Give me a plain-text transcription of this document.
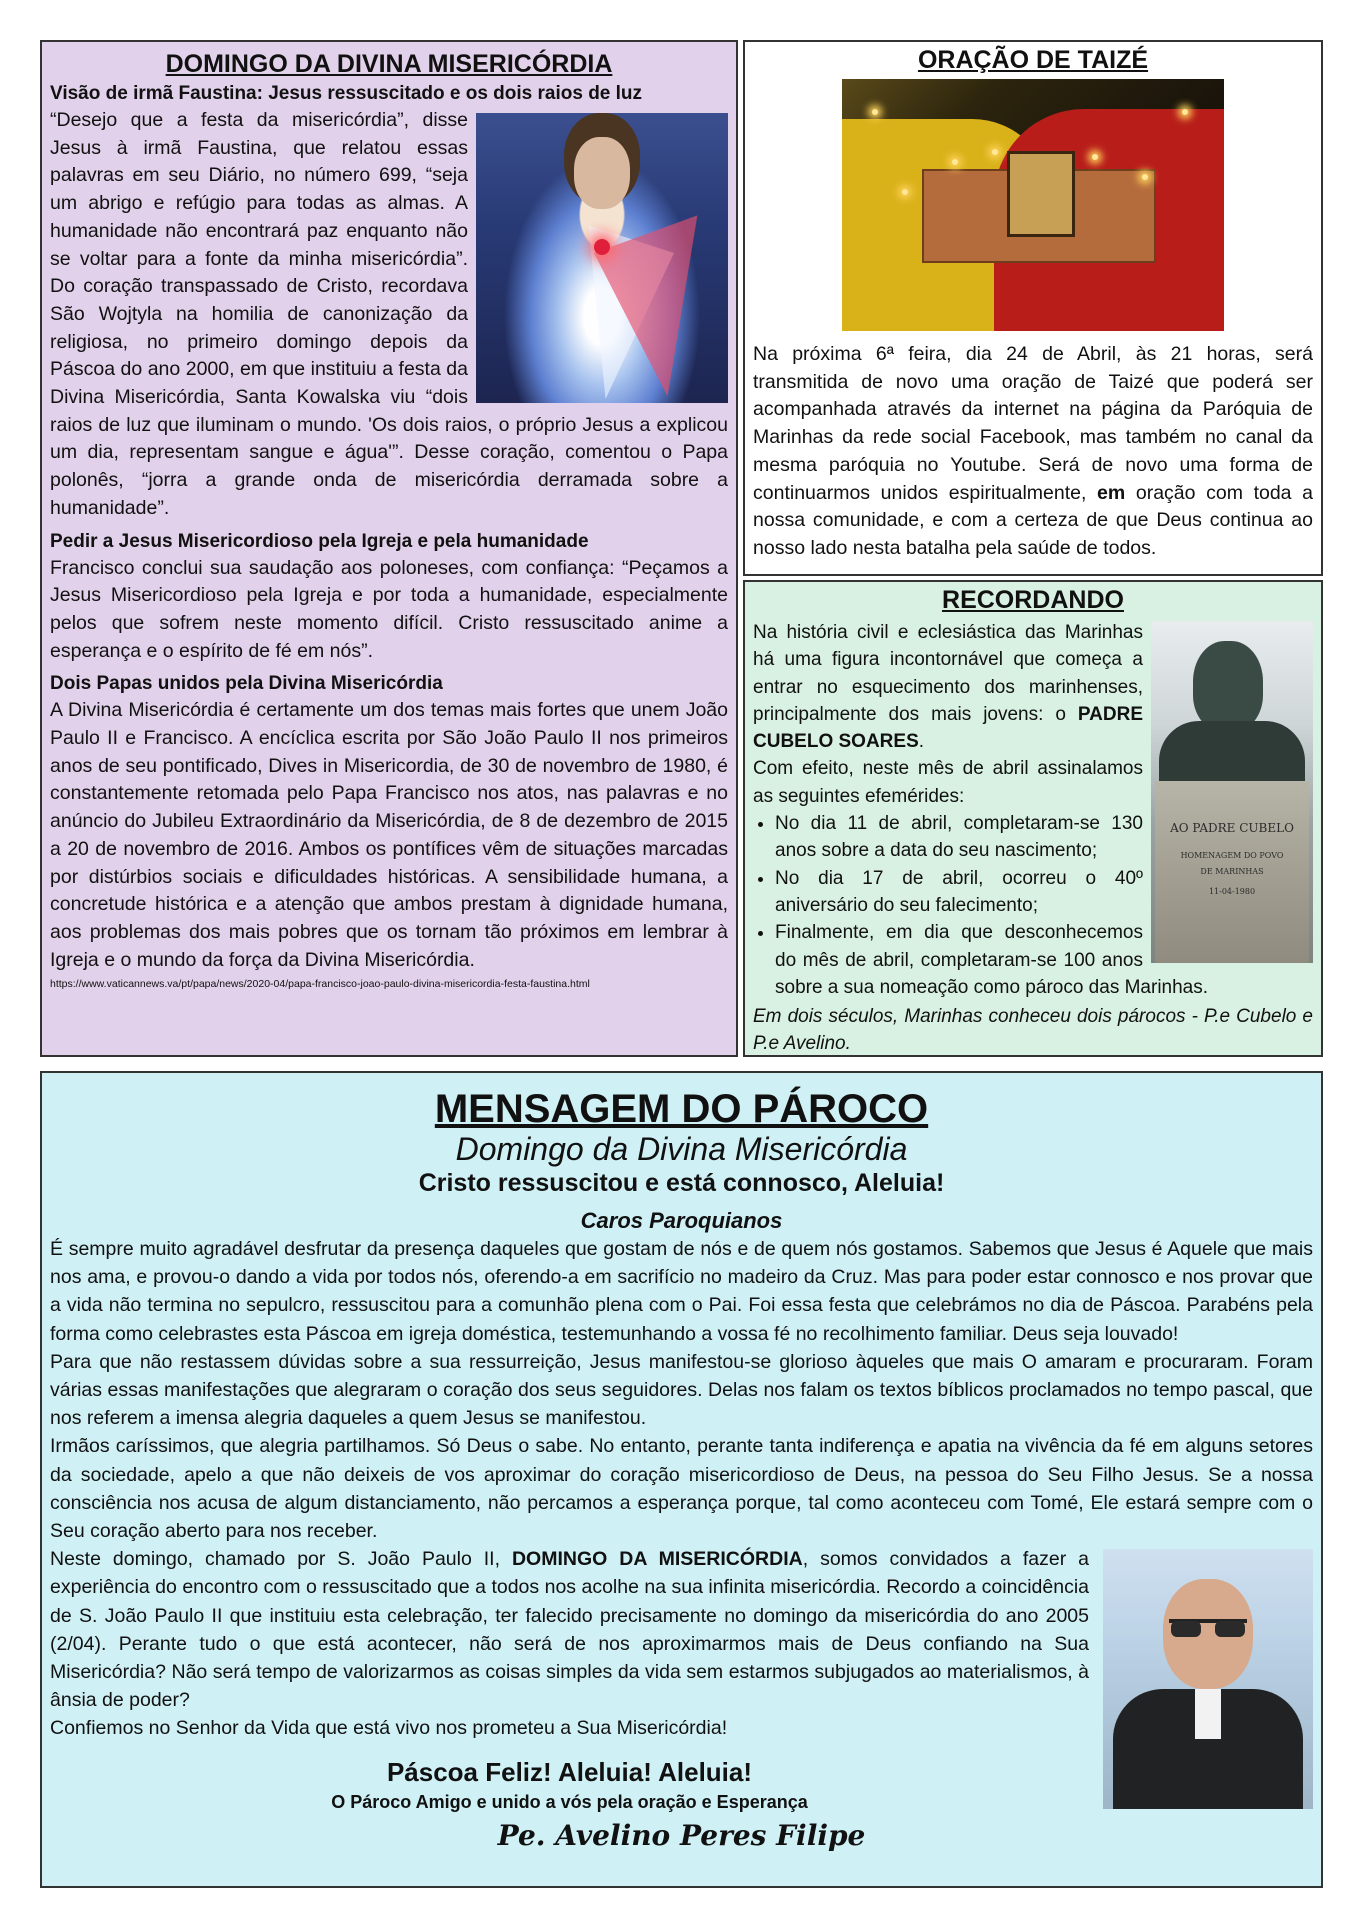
DOMINGO DA DIVINA MISERICÓRDIA
Visão de irmã Faustina: Jesus ressuscitado e os dois raios de luz

“Desejo que a festa da misericórdia”, disse Jesus à irmã Faustina, que relatou essas palavras em seu Diário, no número 699, “seja um abrigo e refúgio para todas as almas. A humanidade não encontrará paz enquanto não se voltar para a fonte da minha misericórdia”. Do coração transpassado de Cristo, recordava São Wojtyla na homilia de canonização da religiosa, no primeiro domingo depois da Páscoa do ano 2000, em que instituiu a festa da Divina Misericórdia, Santa Kowalska viu “dois raios de luz que iluminam o mundo. 'Os dois raios, o próprio Jesus a explicou um dia, representam sangue e água'”. Desse coração, comentou o Papa polonês, “jorra a grande onda de misericórdia derramada sobre a humanidade”.

Pedir a Jesus Misericordioso pela Igreja e pela humanidade

Francisco conclui sua saudação aos poloneses, com confiança: “Peçamos a Jesus Misericordioso pela Igreja e por toda a humanidade, especialmente pelos que sofrem neste momento difícil. Cristo ressuscitado anime a esperança e o espírito de fé em nós”.

Dois Papas unidos pela Divina Misericórdia

A Divina Misericórdia é certamente um dos temas mais fortes que unem João Paulo II e Francisco. A encíclica escrita por São João Paulo II nos primeiros anos de seu pontificado, Dives in Misericordia, de 30 de novembro de 1980, é constantemente retomada pelo Papa Francisco nos atos, nas palavras e no anúncio do Jubileu Extraordinário da Misericórdia, de 8 de dezembro de 2015 a 20 de novembro de 2016. Ambos os pontífices vêm de situações marcadas por distúrbios sociais e dificuldades históricas. A sensibilidade humana, a concretude histórica e a atenção que ambos prestam à dignidade humana, aos problemas dos mais pobres que os tornam tão próximos em lembrar à Igreja e o mundo da força da Divina Misericórdia.

https://www.vaticannews.va/pt/papa/news/2020-04/papa-francisco-joao-paulo-divina-misericordia-festa-faustina.html
ORAÇÃO DE TAIZÉ

Na próxima 6ª feira, dia 24 de Abril, às 21 horas, será transmitida de novo uma oração de Taizé que poderá ser acompanhada através da internet na página da Paróquia de Marinhas da rede social Facebook, mas também no canal da mesma paróquia no Youtube. Será de novo uma forma de continuarmos unidos espiritualmente, em oração com toda a nossa comunidade, e com a certeza de que Deus continua ao nosso lado nesta batalha pela saúde de todos.

RECORDANDO
AO PADRE CUBELO
HOMENAGEM DO POVO
DE MARINHAS
11-04-1980

Na história civil e eclesiástica das Marinhas há uma figura incontornável que começa a entrar no esquecimento dos marinhenses, principalmente dos mais jovens: o PADRE CUBELO SOARES.

Com efeito, neste mês de abril assinalamos as seguintes efemérides:

• No dia 11 de abril, completaram-se 130 anos sobre a data do seu nascimento;
• No dia 17 de abril, ocorreu o 40º aniversário do seu falecimento;
• Finalmente, em dia que desconhecemos do mês de abril, completaram-se 100 anos sobre a sua nomeação como pároco das Marinhas.

Em dois séculos, Marinhas conheceu dois párocos - P.e Cubelo e P.e Avelino.

MENSAGEM DO PÁROCO
Domingo da Divina Misericórdia
Cristo ressuscitou e está connosco, Aleluia!
Caros Paroquianos

É sempre muito agradável desfrutar da presença daqueles que gostam de nós e de quem nós gostamos. Sabemos que Jesus é Aquele que mais nos ama, e provou-o dando a vida por todos nós, oferendo-a em sacrifício no madeiro da Cruz. Mas para poder estar connosco e nos provar que a vida não termina no sepulcro, ressuscitou para a comunhão plena com o Pai. Foi essa festa que celebrámos no dia de Páscoa. Parabéns pela forma como celebrastes esta Páscoa em igreja doméstica, testemunhando a vossa fé no recolhimento familiar. Deus seja louvado!

Para que não restassem dúvidas sobre a sua ressurreição, Jesus manifestou-se glorioso àqueles que mais O amaram e procuraram. Foram várias essas manifestações que alegraram o coração dos seus seguidores. Delas nos falam os textos bíblicos proclamados no tempo pascal, que nos referem a imensa alegria daqueles a quem Jesus se manifestou.

Irmãos caríssimos, que alegria partilhamos. Só Deus o sabe. No entanto, perante tanta indiferença e apatia na vivência da fé em alguns setores da sociedade, apelo a que não deixeis de vos aproximar do coração misericordioso de Deus, na pessoa do Seu Filho Jesus. Se a nossa consciência nos acusa de algum distanciamento, não percamos a esperança porque, tal como aconteceu com Tomé, Ele estará sempre com o Seu coração aberto para nos receber.

Neste domingo, chamado por S. João Paulo II, DOMINGO DA MISERICÓRDIA, somos convidados a fazer a experiência do encontro com o ressuscitado que a todos nos acolhe na sua infinita misericórdia. Recordo a coincidência de S. João Paulo II que instituiu esta celebração, ter falecido precisamente no domingo da misericórdia do ano 2005 (2/04). Perante tudo o que está acontecer, não será de nos aproximarmos mais de Deus confiando na Sua Misericórdia? Não será tempo de valorizarmos as coisas simples da vida sem estarmos subjugados ao materialismos, à ânsia de poder?

Confiemos no Senhor da Vida que está vivo nos prometeu a Sua Misericórdia!

Páscoa Feliz! Aleluia! Aleluia!
O Pároco Amigo e unido a vós pela oração e Esperança
Pe. Avelino Peres Filipe
